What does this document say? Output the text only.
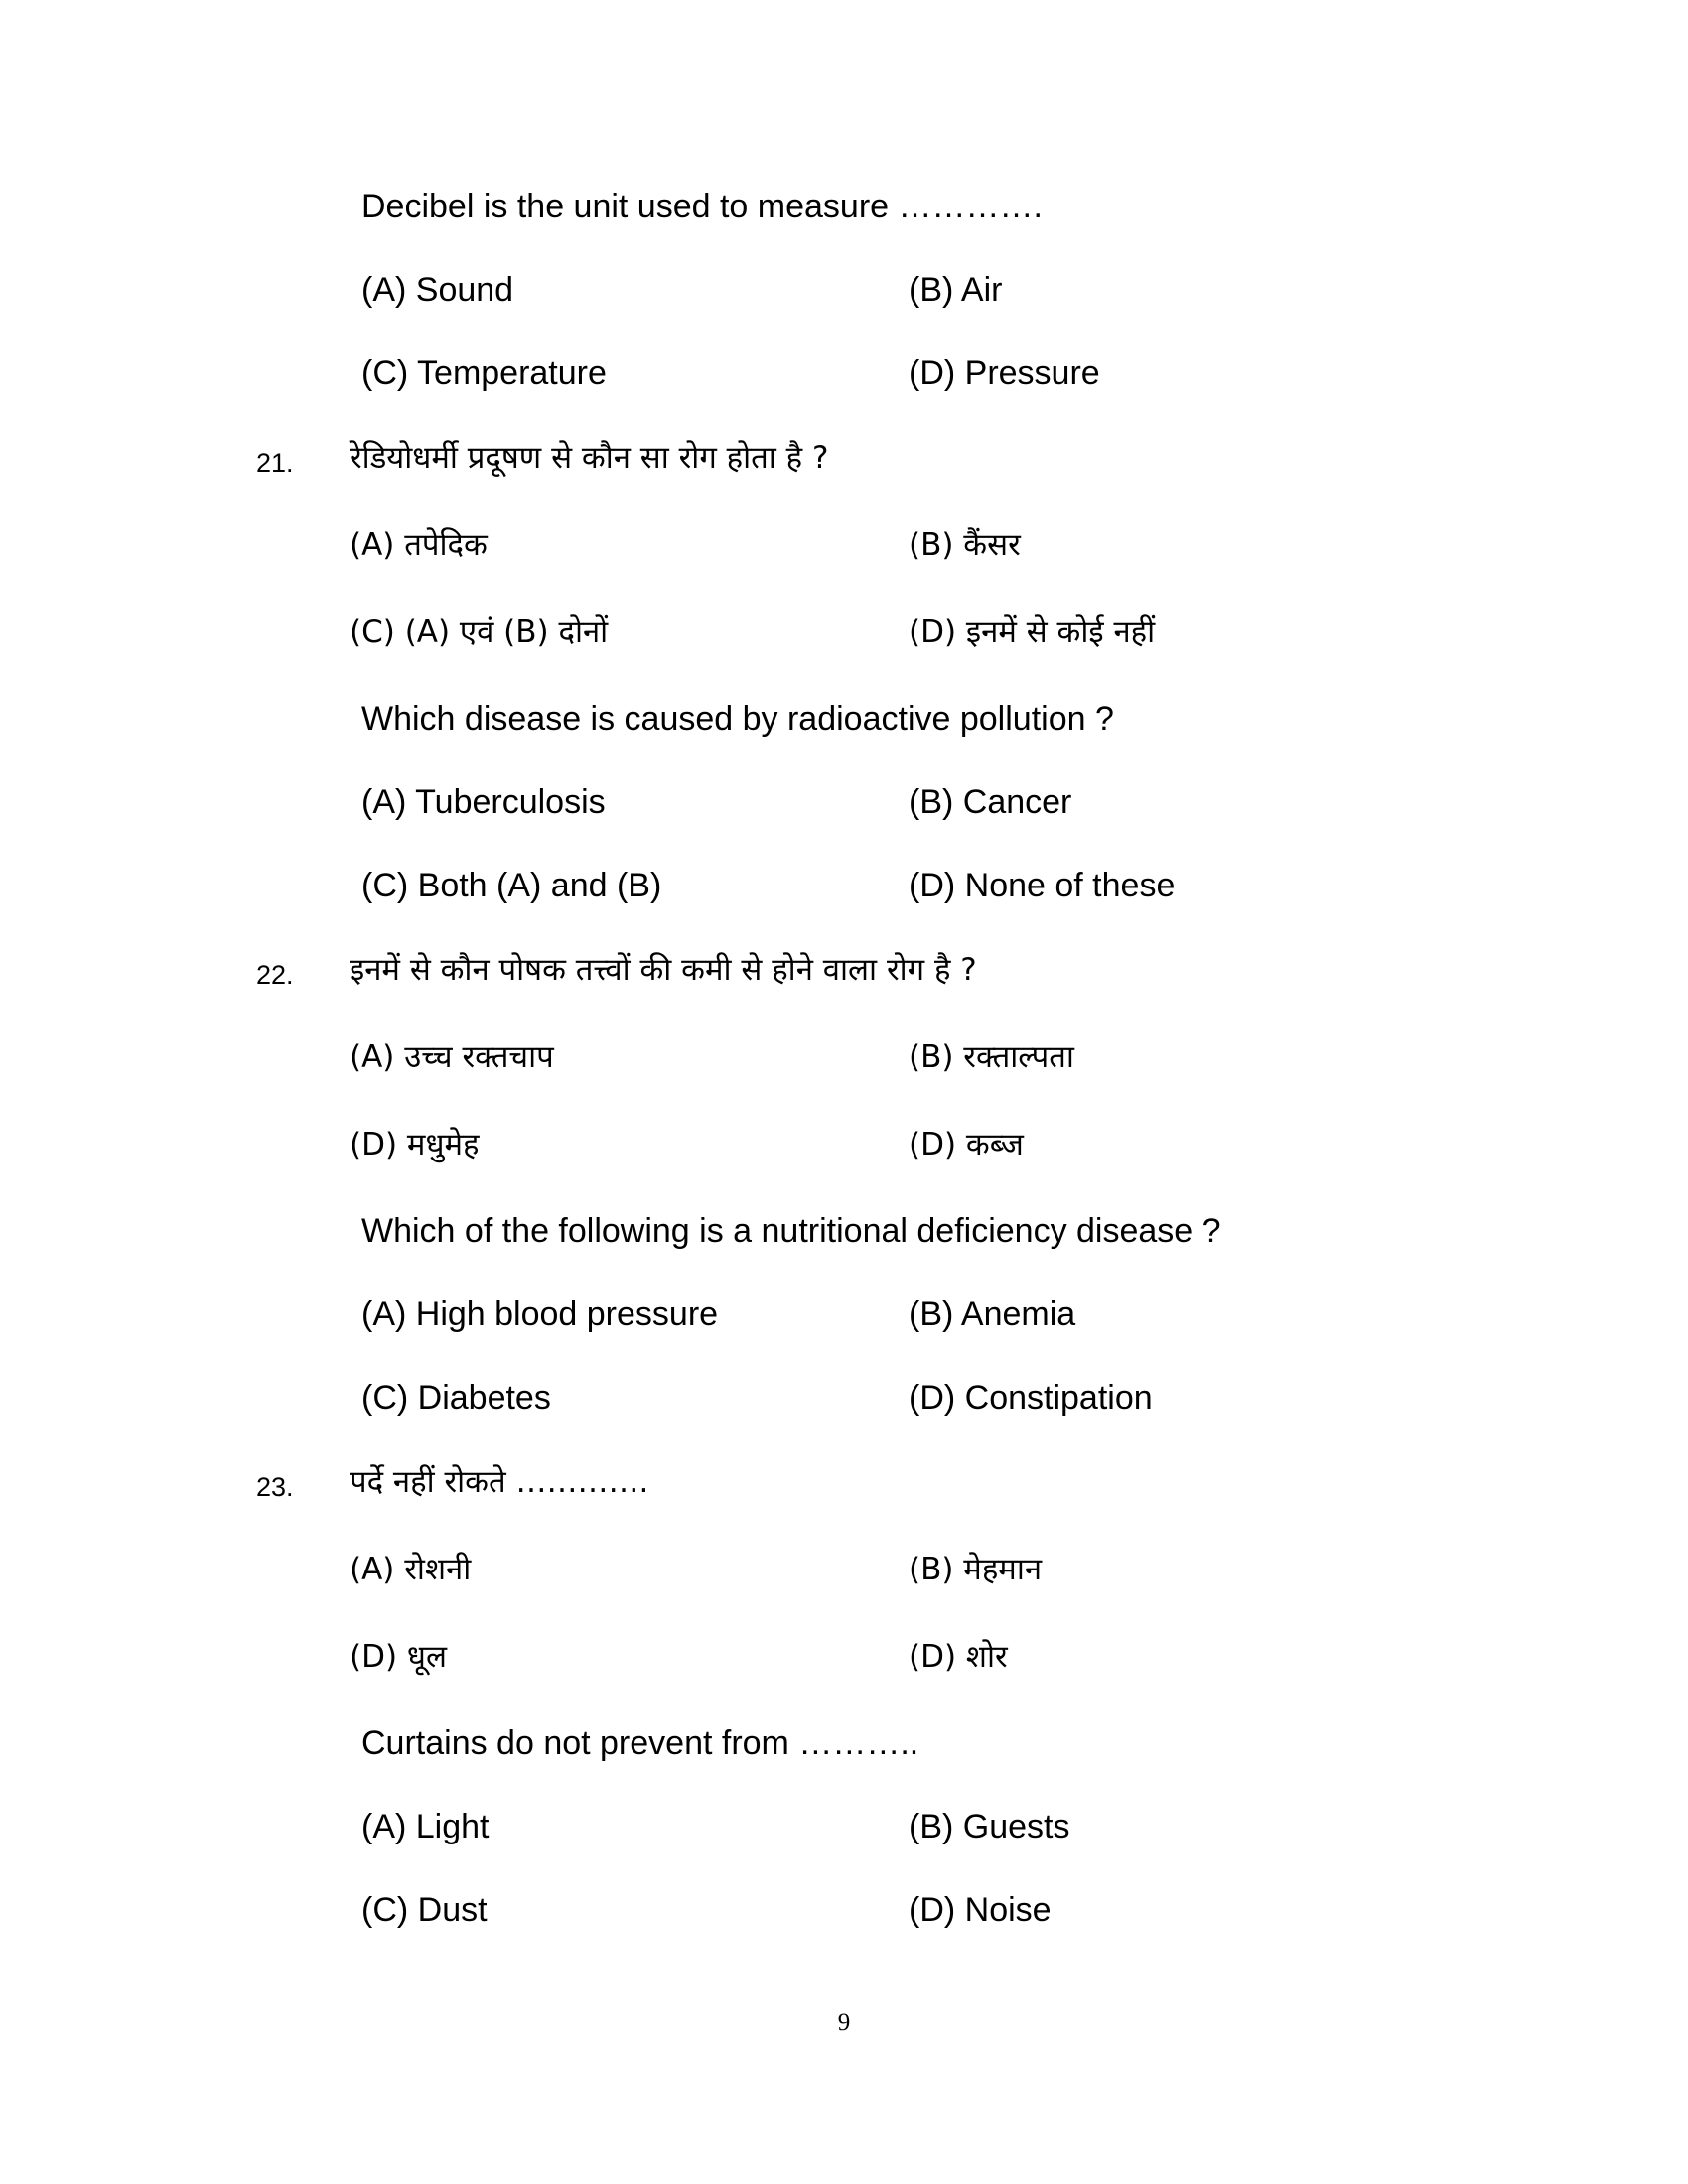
Decibel is the unit used to measure ………….
(A) Sound	(B) Air
(C) Temperature	(D) Pressure
21. रेडियोधर्मी प्रदूषण से कौन सा रोग होता है ?
(A) तपेदिक	(B) कैंसर
(C) (A) एवं (B) दोनों	(D) इनमें से कोई नहीं
Which disease is caused by radioactive pollution ?
(A) Tuberculosis	(B) Cancer
(C) Both (A) and (B)	(D) None of these
22. इनमें से कौन पोषक तत्त्वों की कमी से होने वाला रोग है ?
(A) उच्च रक्तचाप	(B) रक्ताल्पता
(D) मधुमेह	(D) कब्ज
Which of the following is a nutritional deficiency disease ?
(A) High blood pressure	(B) Anemia
(C) Diabetes	(D) Constipation
23. पर्दे नहीं रोकते ………….
(A) रोशनी	(B) मेहमान
(D) धूल	(D) शोर
Curtains do not prevent from ………..
(A) Light	(B) Guests
(C) Dust	(D) Noise
9
